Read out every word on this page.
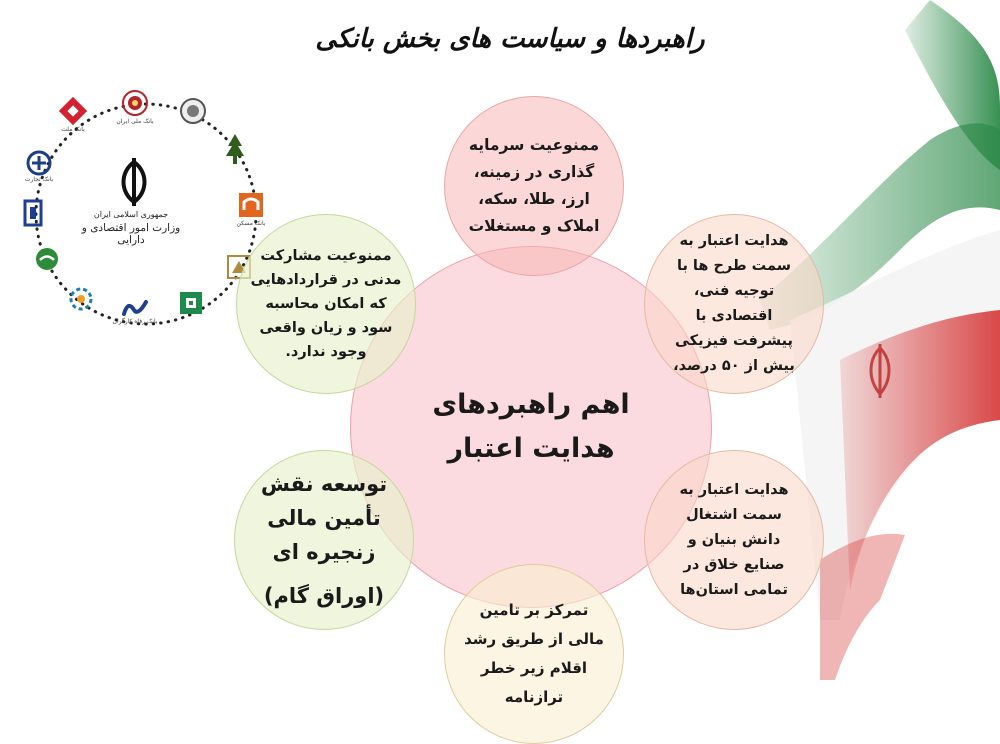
راهبردها و سیاست های بخش بانکی
بانک ملت
بانک ملی ایران
بانک مسکن
بانک رفاه کارگران
بانک تجارت
جمهوری اسلامی ایران
وزارت امور اقتصادی و دارایی
اهم راهبردهای
هدایت اعتبار
ممنوعیت سرمایه
گذاری در زمینه،
ارز، طلا، سکه،
املاک و مستغلات
هدایت اعتبار به
سمت طرح ها با
توجیه فنی،
اقتصادی با
پیشرفت فیزیکی
بیش از ۵۰ درصد،
هدایت اعتبار به
سمت اشتغال
دانش بنیان و
صنایع خلاق در
تمامی استان‌ها
تمرکز بر تامین
مالی از طریق رشد
اقلام زیر خطر
ترازنامه
توسعه نقش
تأمین مالی
زنجیره ای
(اوراق گام)
ممنوعیت مشارکت
مدنی در قراردادهایی
که امکان محاسبه
سود و زیان واقعی
وجود ندارد.
